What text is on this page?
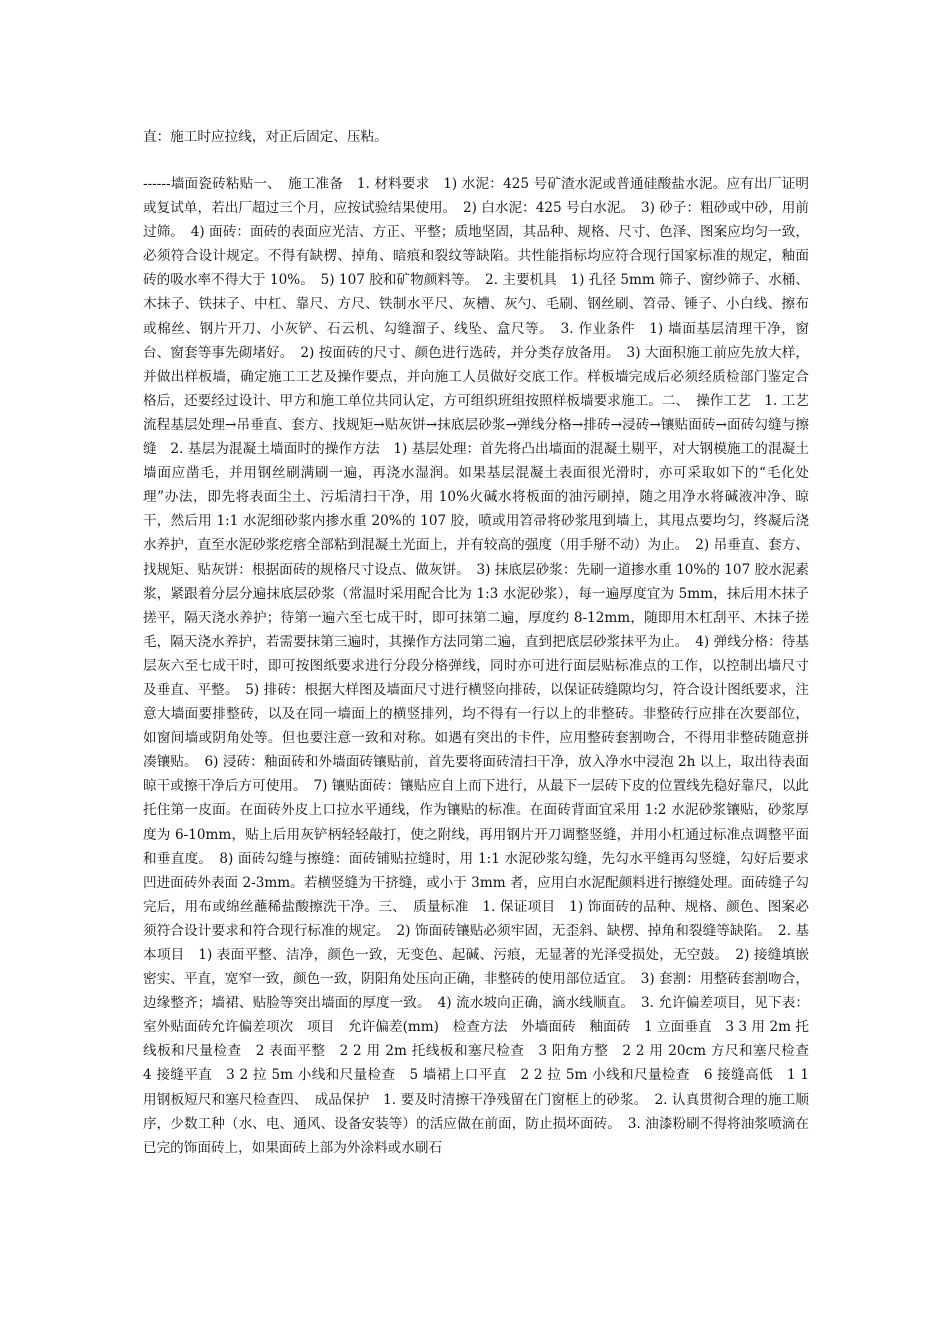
直：施工时应拉线，对正后固定、压粘。

------墙面瓷砖粘贴一、　施工准备　1. 材料要求　1) 水泥：425 号矿渣水泥或普通硅酸盐水泥。应有出厂证明或复试单，若出厂超过三个月，应按试验结果使用。　2) 白水泥：425 号白水泥。　3) 砂子：粗砂或中砂，用前过筛。　4) 面砖：面砖的表面应光洁、方正、平整；质地坚固，其品种、规格、尺寸、色泽、图案应均匀一致，必须符合设计规定。不得有缺楞、掉角、暗痕和裂纹等缺陷。共性能指标均应符合现行国家标准的规定，釉面砖的吸水率不得大于 10%。　5) 107 胶和矿物颜料等。　2. 主要机具　1) 孔径 5mm 筛子、窗纱筛子、水桶、木抹子、铁抹子、中杠、靠尺、方尺、铁制水平尺、灰槽、灰勺、毛刷、钢丝刷、笤帚、锤子、小白线、擦布或棉丝、钢片开刀、小灰铲、石云机、勾缝溜子、线坠、盒尺等。　3. 作业条件　1) 墙面基层清理干净，窗台、窗套等事先砌堵好。　2) 按面砖的尺寸、颜色进行选砖，并分类存放备用。　3) 大面积施工前应先放大样，并做出样板墙，确定施工工艺及操作要点，并向施工人员做好交底工作。样板墙完成后必须经质检部门鉴定合格后，还要经过设计、甲方和施工单位共同认定，方可组织班组按照样板墙要求施工。二、　操作工艺　1. 工艺流程基层处理→吊垂直、套方、找规矩→贴灰饼→抹底层砂浆→弹线分格→排砖→浸砖→镶贴面砖→面砖勾缝与擦缝　2. 基层为混凝土墙面时的操作方法　1) 基层处理：首先将凸出墙面的混凝土剔平，对大钢模施工的混凝土墙面应凿毛，并用钢丝刷满刷一遍，再浇水湿润。如果基层混凝土表面很光滑时，亦可采取如下的“毛化处理”办法，即先将表面尘土、污垢清扫干净，用 10%火碱水将板面的油污刷掉，随之用净水将碱液冲净、晾干，然后用 1:1 水泥细砂浆内掺水重 20%的 107 胶，喷或用笤帚将砂浆甩到墙上，其甩点要均匀，终凝后浇水养护，直至水泥砂浆疙瘩全部粘到混凝土光面上，并有较高的强度（用手掰不动）为止。　2) 吊垂直、套方、找规矩、贴灰饼：根据面砖的规格尺寸设点、做灰饼。　3) 抹底层砂浆：先刷一道掺水重 10%的 107 胶水泥素浆，紧跟着分层分遍抹底层砂浆（常温时采用配合比为 1:3 水泥砂浆），每一遍厚度宜为 5mm，抹后用木抹子搓平，隔天浇水养护；待第一遍六至七成干时，即可抹第二遍，厚度约 8-12mm，随即用木杠刮平、木抹子搓毛，隔天浇水养护，若需要抹第三遍时，其操作方法同第二遍，直到把底层砂浆抹平为止。　4) 弹线分格：待基层灰六至七成干时，即可按图纸要求进行分段分格弹线，同时亦可进行面层贴标准点的工作，以控制出墙尺寸及垂直、平整。　5) 排砖：根据大样图及墙面尺寸进行横竖向排砖，以保证砖缝隙均匀，符合设计图纸要求，注意大墙面要排整砖，以及在同一墙面上的横竖排列，均不得有一行以上的非整砖。非整砖行应排在次要部位，如窗间墙或阴角处等。但也要注意一致和对称。如遇有突出的卡件，应用整砖套割吻合，不得用非整砖随意拼凑镶贴。　6) 浸砖：釉面砖和外墙面砖镶贴前，首先要将面砖清扫干净，放入净水中浸泡 2h 以上，取出待表面晾干或擦干净后方可使用。　7) 镶贴面砖：镶贴应自上而下进行，从最下一层砖下皮的位置线先稳好靠尺，以此托住第一皮面。在面砖外皮上口拉水平通线，作为镶贴的标准。在面砖背面宜采用 1:2 水泥砂浆镶贴，砂浆厚度为 6-10mm，贴上后用灰铲柄轻轻敲打，使之附线，再用钢片开刀调整竖缝，并用小杠通过标准点调整平面和垂直度。　8) 面砖勾缝与擦缝：面砖铺贴拉缝时，用 1:1 水泥砂浆勾缝，先勾水平缝再勾竖缝，勾好后要求凹进面砖外表面 2-3mm。若横竖缝为干挤缝，或小于 3mm 者，应用白水泥配颜料进行擦缝处理。面砖缝子勾完后，用布或绵丝蘸稀盐酸擦洗干净。三、　质量标准　1. 保证项目　1) 饰面砖的品种、规格、颜色、图案必须符合设计要求和符合现行标准的规定。　2) 饰面砖镶贴必须牢固，无歪斜、缺楞、掉角和裂缝等缺陷。　2. 基本项目　1) 表面平整、洁净，颜色一致，无变色、起碱、污痕，无显著的光泽受损处，无空鼓。　2) 接缝填嵌密实、平直，宽窄一致，颜色一致，阴阳角处压向正确，非整砖的使用部位适宜。　3) 套割：用整砖套割吻合，边缘整齐；墙裙、贴脸等突出墙面的厚度一致。　4) 流水坡向正确，滴水线顺直。　3. 允许偏差项目，见下表：室外贴面砖允许偏差项次　项目　允许偏差(mm)　检查方法　外墙面砖　釉面砖　1 立面垂直　3 3 用 2m 托线板和尺量检查　2 表面平整　2 2 用 2m 托线板和塞尺检查　3 阳角方整　2 2 用 20cm 方尺和塞尺检查　4 接缝平直　3 2 拉 5m 小线和尺量检查　5 墙裙上口平直　2 2 拉 5m 小线和尺量检查　6 接缝高低　1 1 用钢板短尺和塞尺检查四、　成品保护　1. 要及时清擦干净残留在门窗框上的砂浆。　2. 认真贯彻合理的施工顺序，少数工种（水、电、通风、设备安装等）的活应做在前面，防止损坏面砖。　3. 油漆粉刷不得将油浆喷滴在已完的饰面砖上，如果面砖上部为外涂料或水刷石
